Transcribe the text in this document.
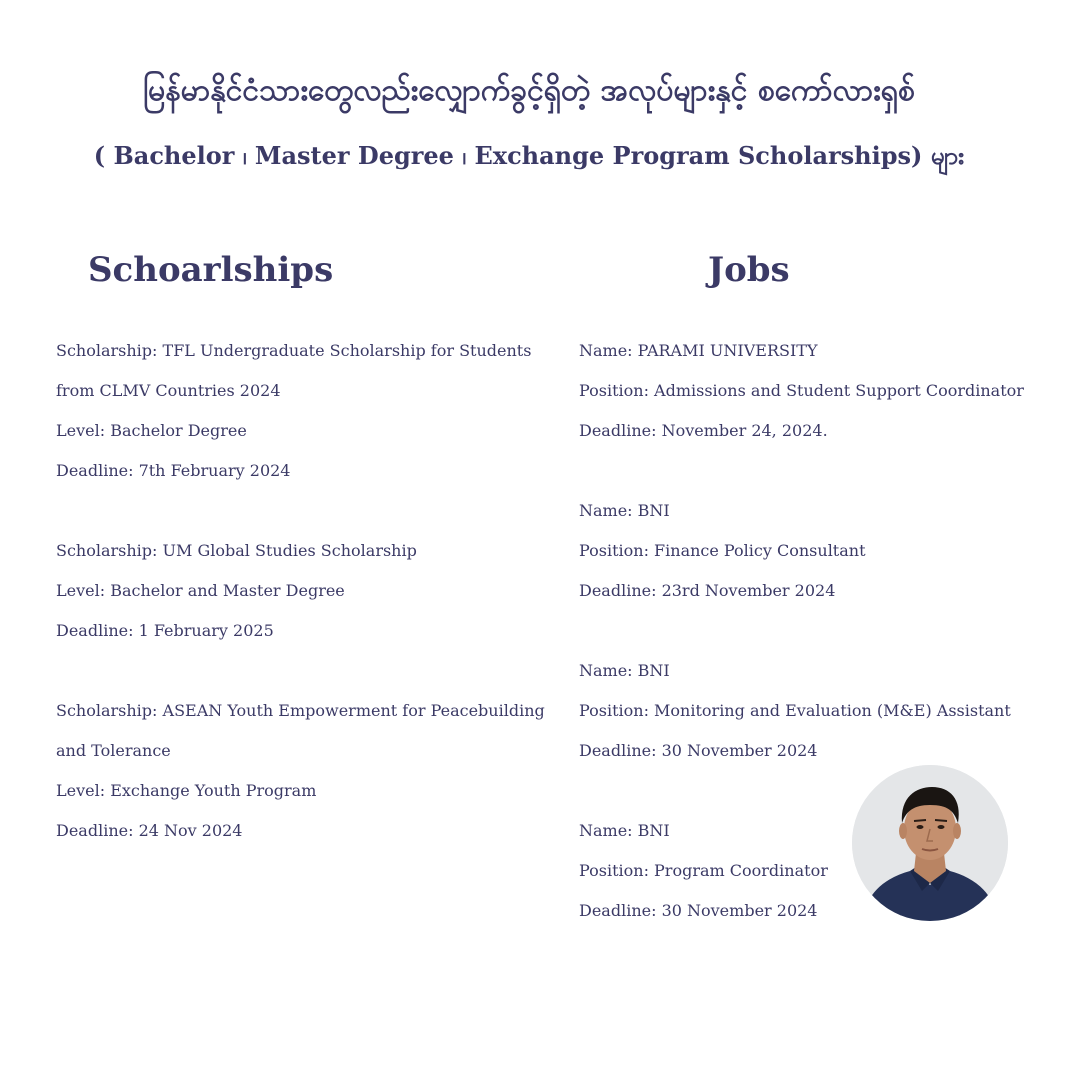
မြန်မာနိုင်ငံသားတွေလည်းလျှောက်ခွင့်ရှိတဲ့ အလုပ်များနှင့် စကော်လားရှစ်
( Bachelor ၊ Master Degree ၊ Exchange Program Scholarships) များ
Schoarlships	Jobs
Scholarship: TFL Undergraduate Scholarship for Students
from CLMV Countries 2024
Level: Bachelor Degree
Deadline: 7th February 2024
Scholarship: UM Global Studies Scholarship
Level: Bachelor and Master Degree
Deadline: 1 February 2025
Scholarship: ASEAN Youth Empowerment for Peacebuilding
and Tolerance
Level: Exchange Youth Program
Deadline: 24 Nov 2024
Name: PARAMI UNIVERSITY
Position: Admissions and Student Support Coordinator
Deadline: November 24, 2024.
Name: BNI
Position: Finance Policy Consultant
Deadline: 23rd November 2024
Name: BNI
Position: Monitoring and Evaluation (M&E) Assistant
Deadline: 30 November 2024
Name: BNI
Position: Program Coordinator
Deadline: 30 November 2024
